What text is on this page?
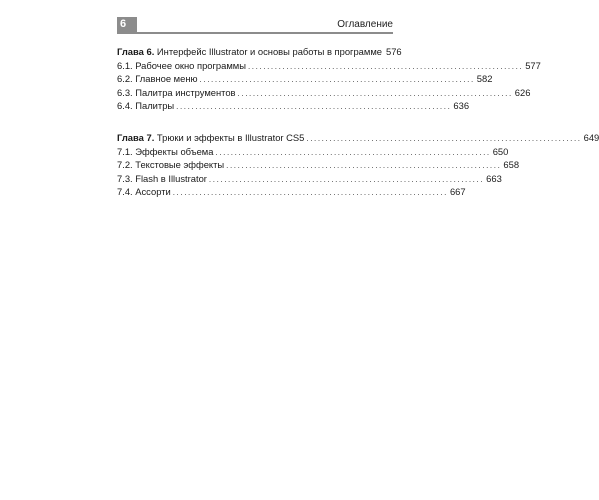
6	Оглавление
Глава 6. Интерфейс Illustrator и основы работы в программе 576
6.1. Рабочее окно программы ........................................................................ 577
6.2. Главное меню ........................................................................ 582
6.3. Палитра инструментов ........................................................................ 626
6.4. Палитры ........................................................................ 636
Глава 7. Трюки и эффекты в Illustrator CS5 ........................................................................ 649
7.1. Эффекты объема ........................................................................ 650
7.2. Текстовые эффекты ........................................................................ 658
7.3. Flash в Illustrator ........................................................................ 663
7.4. Ассорти ........................................................................ 667
